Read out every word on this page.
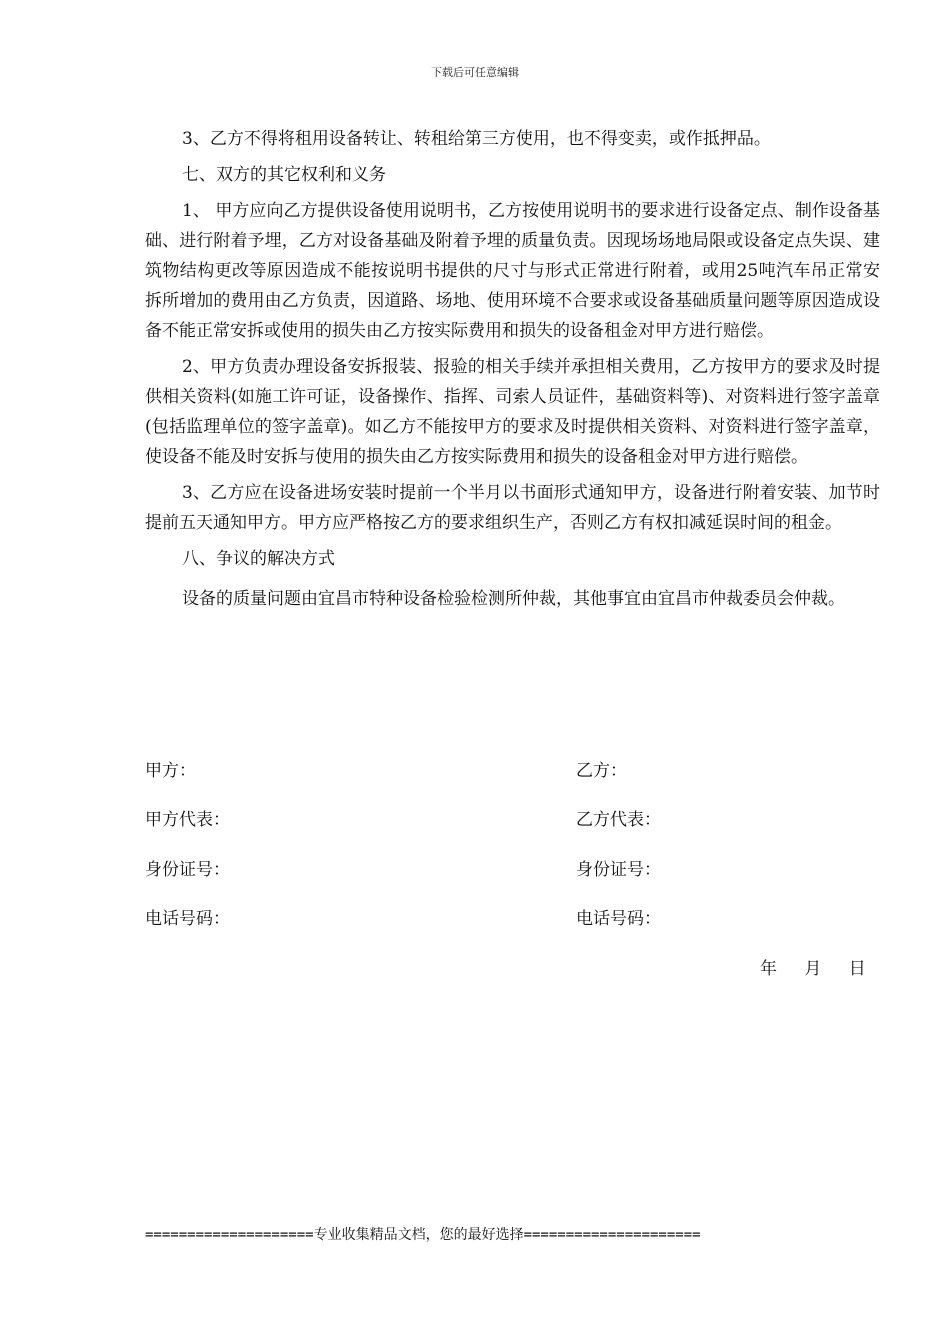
下载后可任意编辑

3、乙方不得将租用设备转让、转租给第三方使用，也不得变卖，或作抵押品。

七、双方的其它权利和义务

1、 甲方应向乙方提供设备使用说明书，乙方按使用说明书的要求进行设备定点、制作设备基础、进行附着予埋，乙方对设备基础及附着予埋的质量负责。因现场场地局限或设备定点失误、建筑物结构更改等原因造成不能按说明书提供的尺寸与形式正常进行附着，或用25吨汽车吊正常安拆所增加的费用由乙方负责，因道路、场地、使用环境不合要求或设备基础质量问题等原因造成设备不能正常安拆或使用的损失由乙方按实际费用和损失的设备租金对甲方进行赔偿。

2、甲方负责办理设备安拆报装、报验的相关手续并承担相关费用，乙方按甲方的要求及时提供相关资料(如施工许可证，设备操作、指挥、司索人员证件，基础资料等)、对资料进行签字盖章(包括监理单位的签字盖章)。如乙方不能按甲方的要求及时提供相关资料、对资料进行签字盖章，使设备不能及时安拆与使用的损失由乙方按实际费用和损失的设备租金对甲方进行赔偿。

3、乙方应在设备进场安装时提前一个半月以书面形式通知甲方，设备进行附着安装、加节时提前五天通知甲方。甲方应严格按乙方的要求组织生产，否则乙方有权扣减延误时间的租金。

八、争议的解决方式

设备的质量问题由宜昌市特种设备检验检测所仲裁，其他事宜由宜昌市仲裁委员会仲裁。

甲方：	乙方：
甲方代表：	乙方代表：
身份证号：	身份证号：
电话号码：	电话号码：
年 月 日
====================专业收集精品文档，您的最好选择=====================
